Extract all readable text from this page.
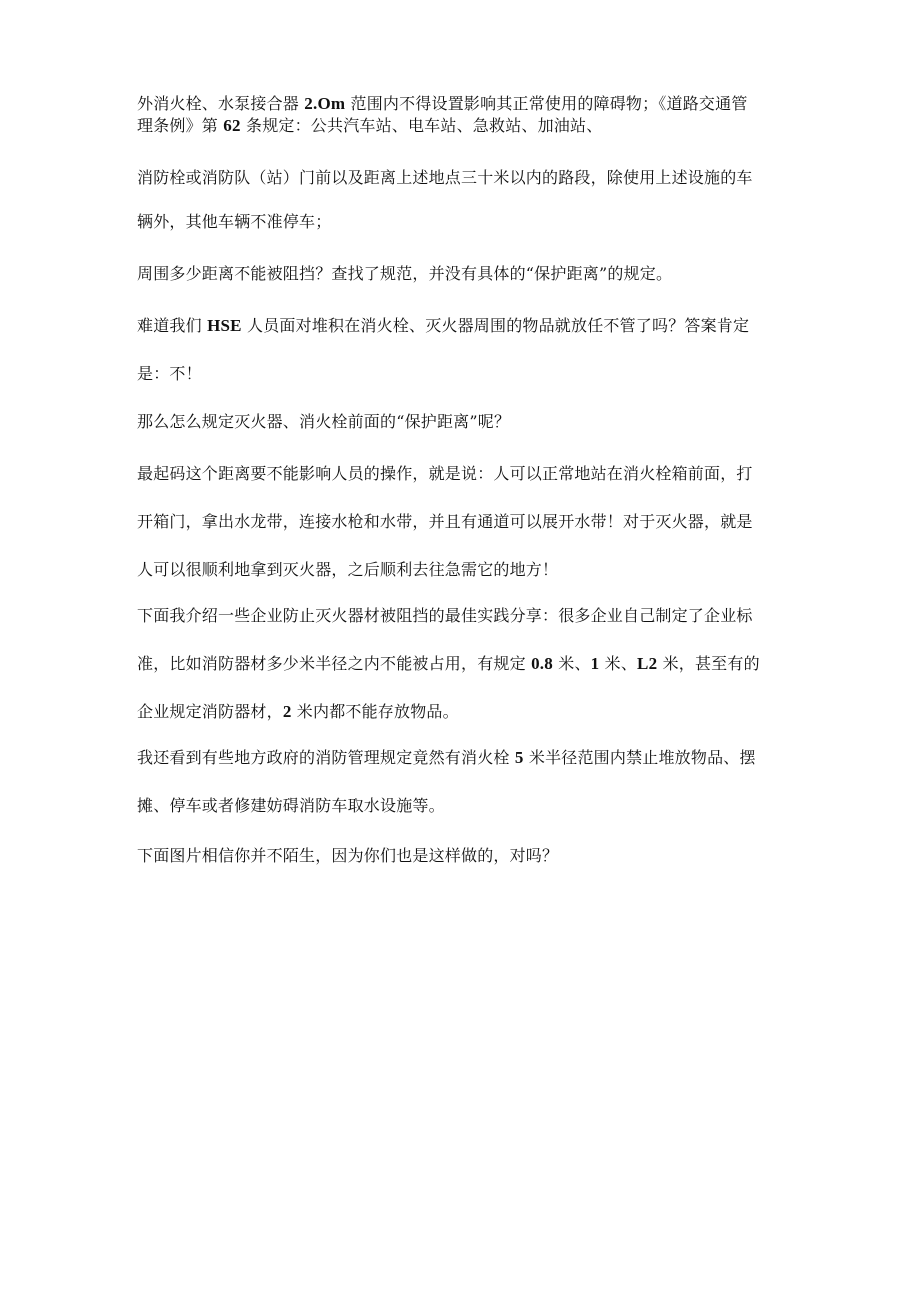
外消火栓、水泵接合器 2.Om 范围内不得设置影响其正常使用的障碍物；《道路交通管
理条例》第 62 条规定：公共汽车站、电车站、急救站、加油站、
消防栓或消防队（站）门前以及距离上述地点三十米以内的路段，除使用上述设施的车
辆外，其他车辆不准停车；
周围多少距离不能被阻挡？查找了规范，并没有具体的“保护距离”的规定。
难道我们 HSE 人员面对堆积在消火栓、灭火器周围的物品就放任不管了吗？答案肯定
是：不！
那么怎么规定灭火器、消火栓前面的“保护距离”呢？
最起码这个距离要不能影响人员的操作，就是说：人可以正常地站在消火栓箱前面，打
开箱门，拿出水龙带，连接水枪和水带，并且有通道可以展开水带！对于灭火器，就是
人可以很顺利地拿到灭火器，之后顺利去往急需它的地方！
下面我介绍一些企业防止灭火器材被阻挡的最佳实践分享：很多企业自己制定了企业标
准，比如消防器材多少米半径之内不能被占用，有规定 0.8 米、1 米、L2 米，甚至有的
企业规定消防器材，2 米内都不能存放物品。
我还看到有些地方政府的消防管理规定竟然有消火栓 5 米半径范围内禁止堆放物品、摆
摊、停车或者修建妨碍消防车取水设施等。
下面图片相信你并不陌生，因为你们也是这样做的，对吗？
